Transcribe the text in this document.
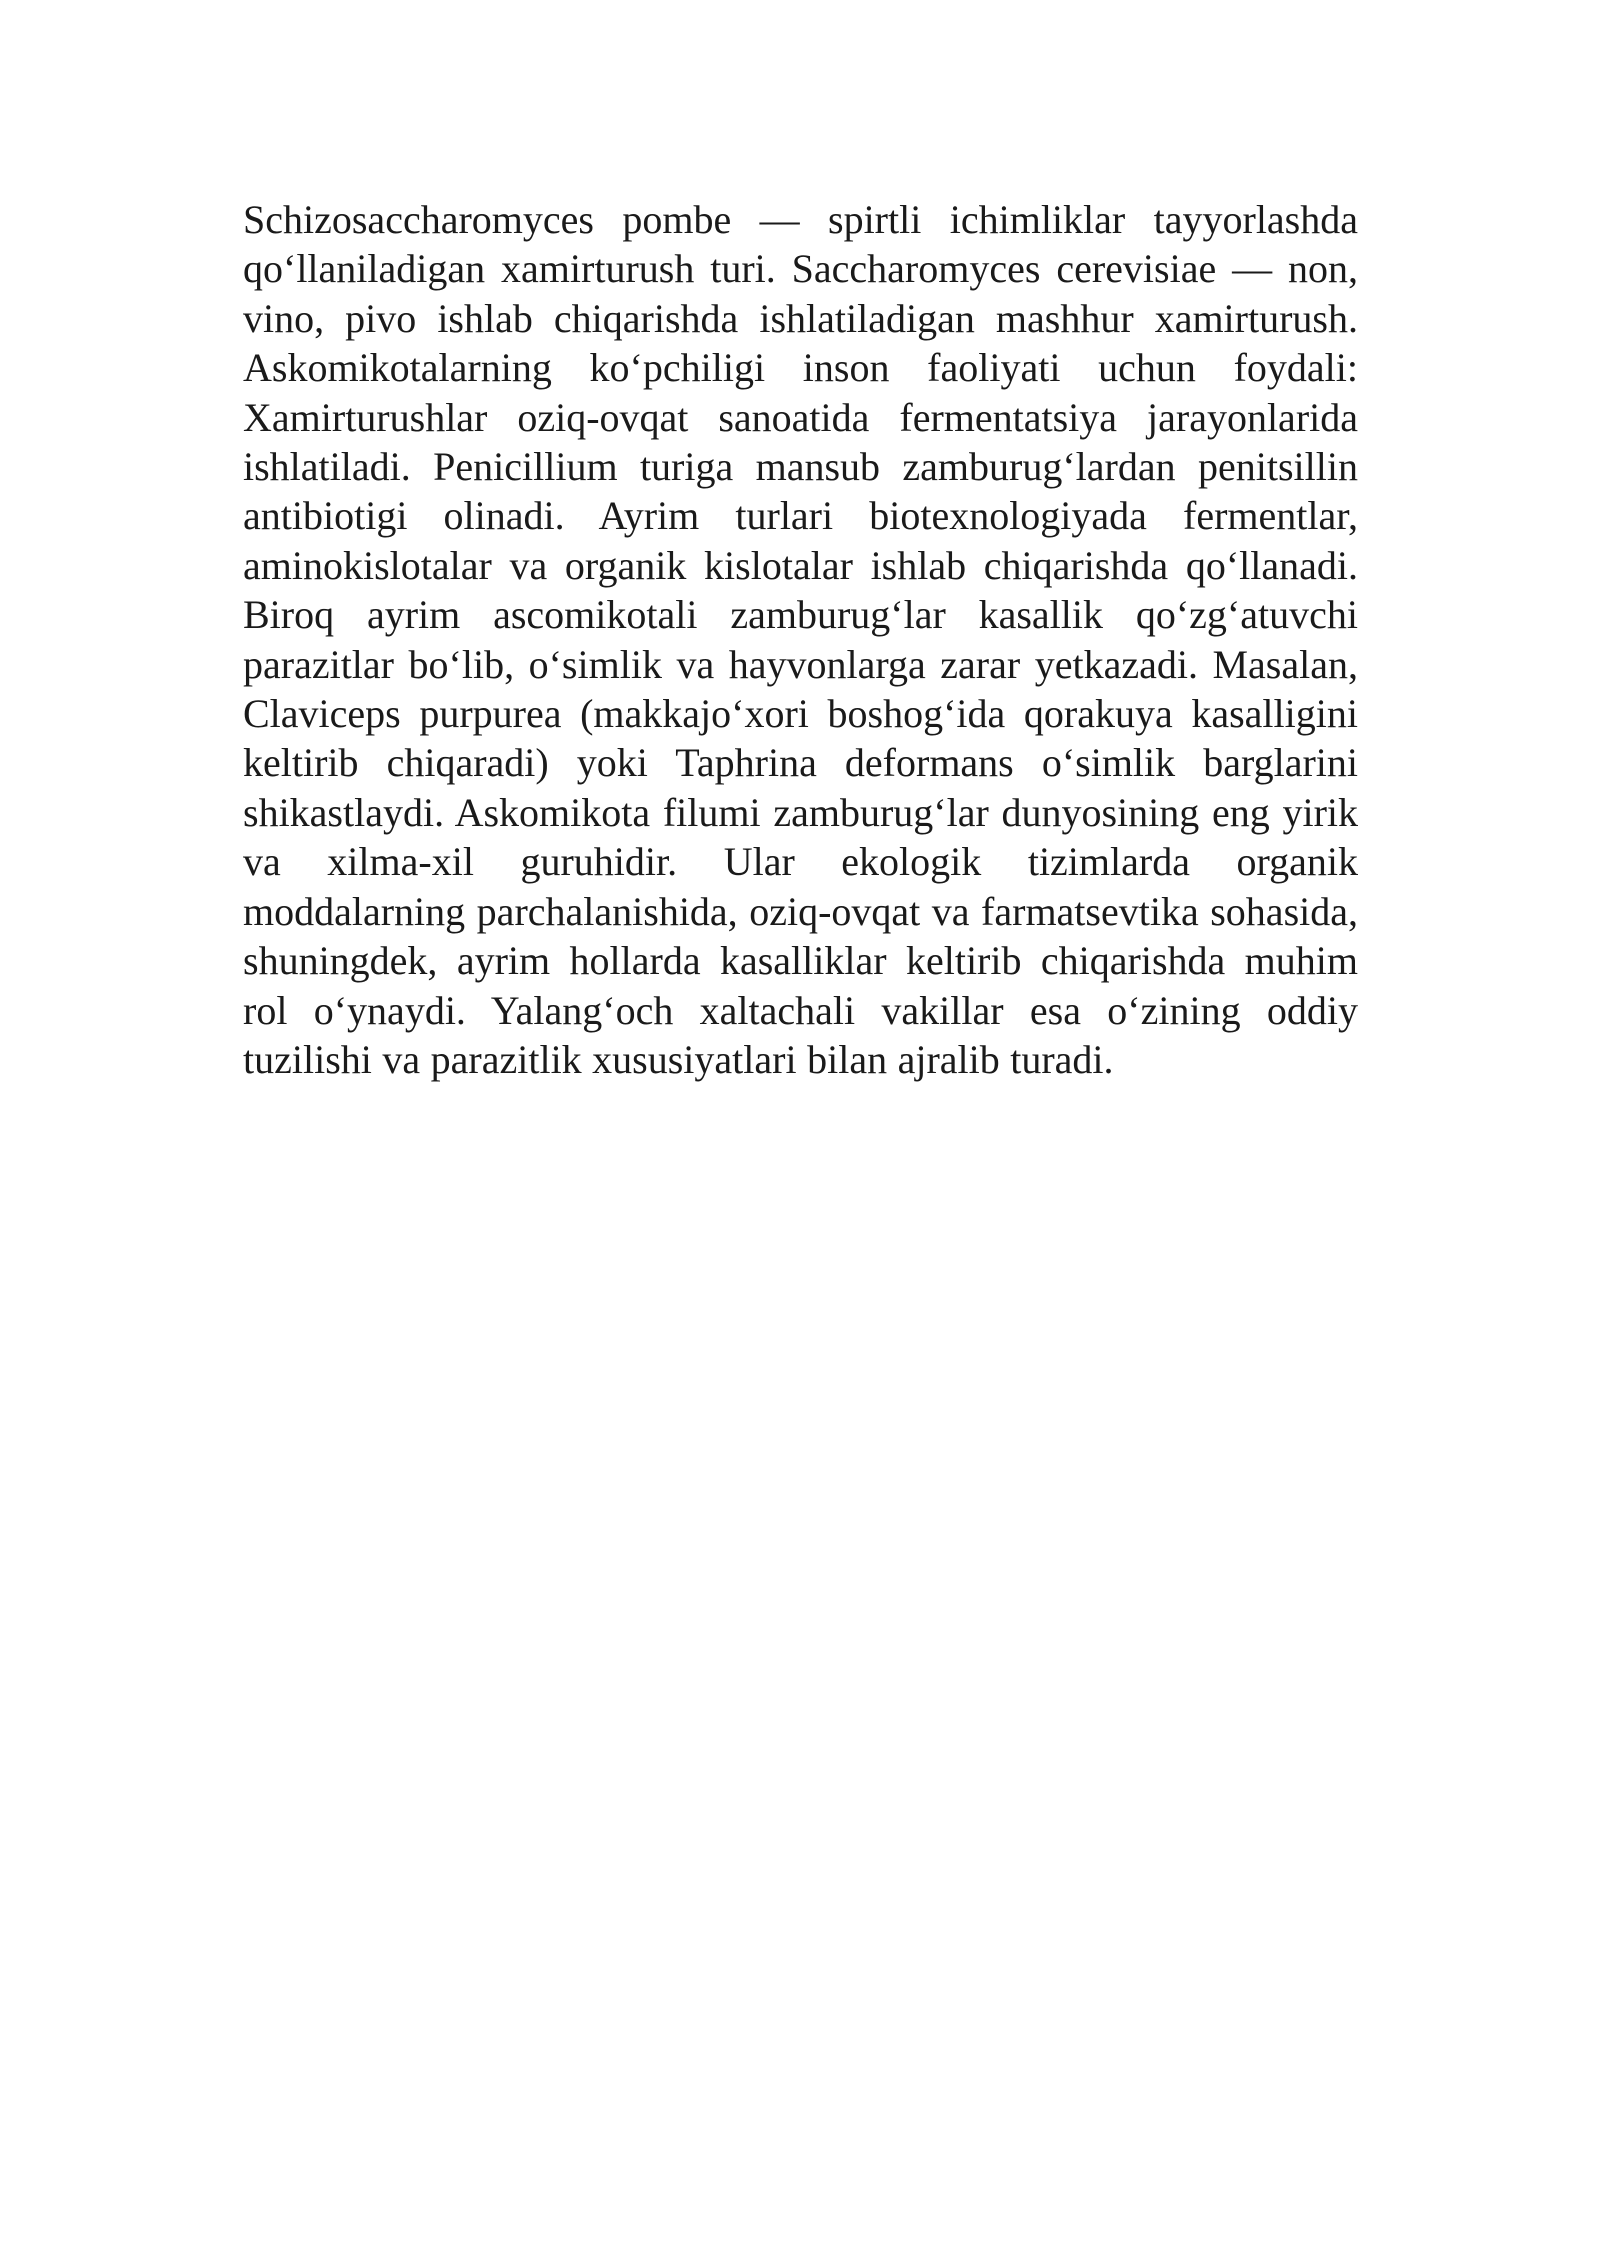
Schizosaccharomyces pombe — spirtli ichimliklar tayyorlashda qo‘llaniladigan xamirturush turi. Saccharomyces cerevisiae — non, vino, pivo ishlab chiqarishda ishlatiladigan mashhur xamirturush. Askomikotalarning ko‘pchiligi inson faoliyati uchun foydali: Xamirturushlar oziq-ovqat sanoatida fermentatsiya jarayonlarida ishlatiladi. Penicillium turiga mansub zamburug‘lardan penitsillin antibiotigi olinadi. Ayrim turlari biotexnologiyada fermentlar, aminokislotalar va organik kislotalar ishlab chiqarishda qo‘llanadi. Biroq ayrim ascomikotali zamburug‘lar kasallik qo‘zg‘atuvchi parazitlar bo‘lib, o‘simlik va hayvonlarga zarar yetkazadi. Masalan, Claviceps purpurea (makkajo‘xori boshog‘ida qorakuya kasalligini keltirib chiqaradi) yoki Taphrina deformans o‘simlik barglarini shikastlaydi. Askomikota filumi zamburug‘lar dunyosining eng yirik va xilma-xil guruhidir. Ular ekologik tizimlarda organik moddalarning parchalanishida, oziq-ovqat va farmatsevtika sohasida, shuningdek, ayrim hollarda kasalliklar keltirib chiqarishda muhim rol o‘ynaydi. Yalang‘och xaltachali vakillar esa o‘zining oddiy tuzilishi va parazitlik xususiyatlari bilan ajralib turadi.
